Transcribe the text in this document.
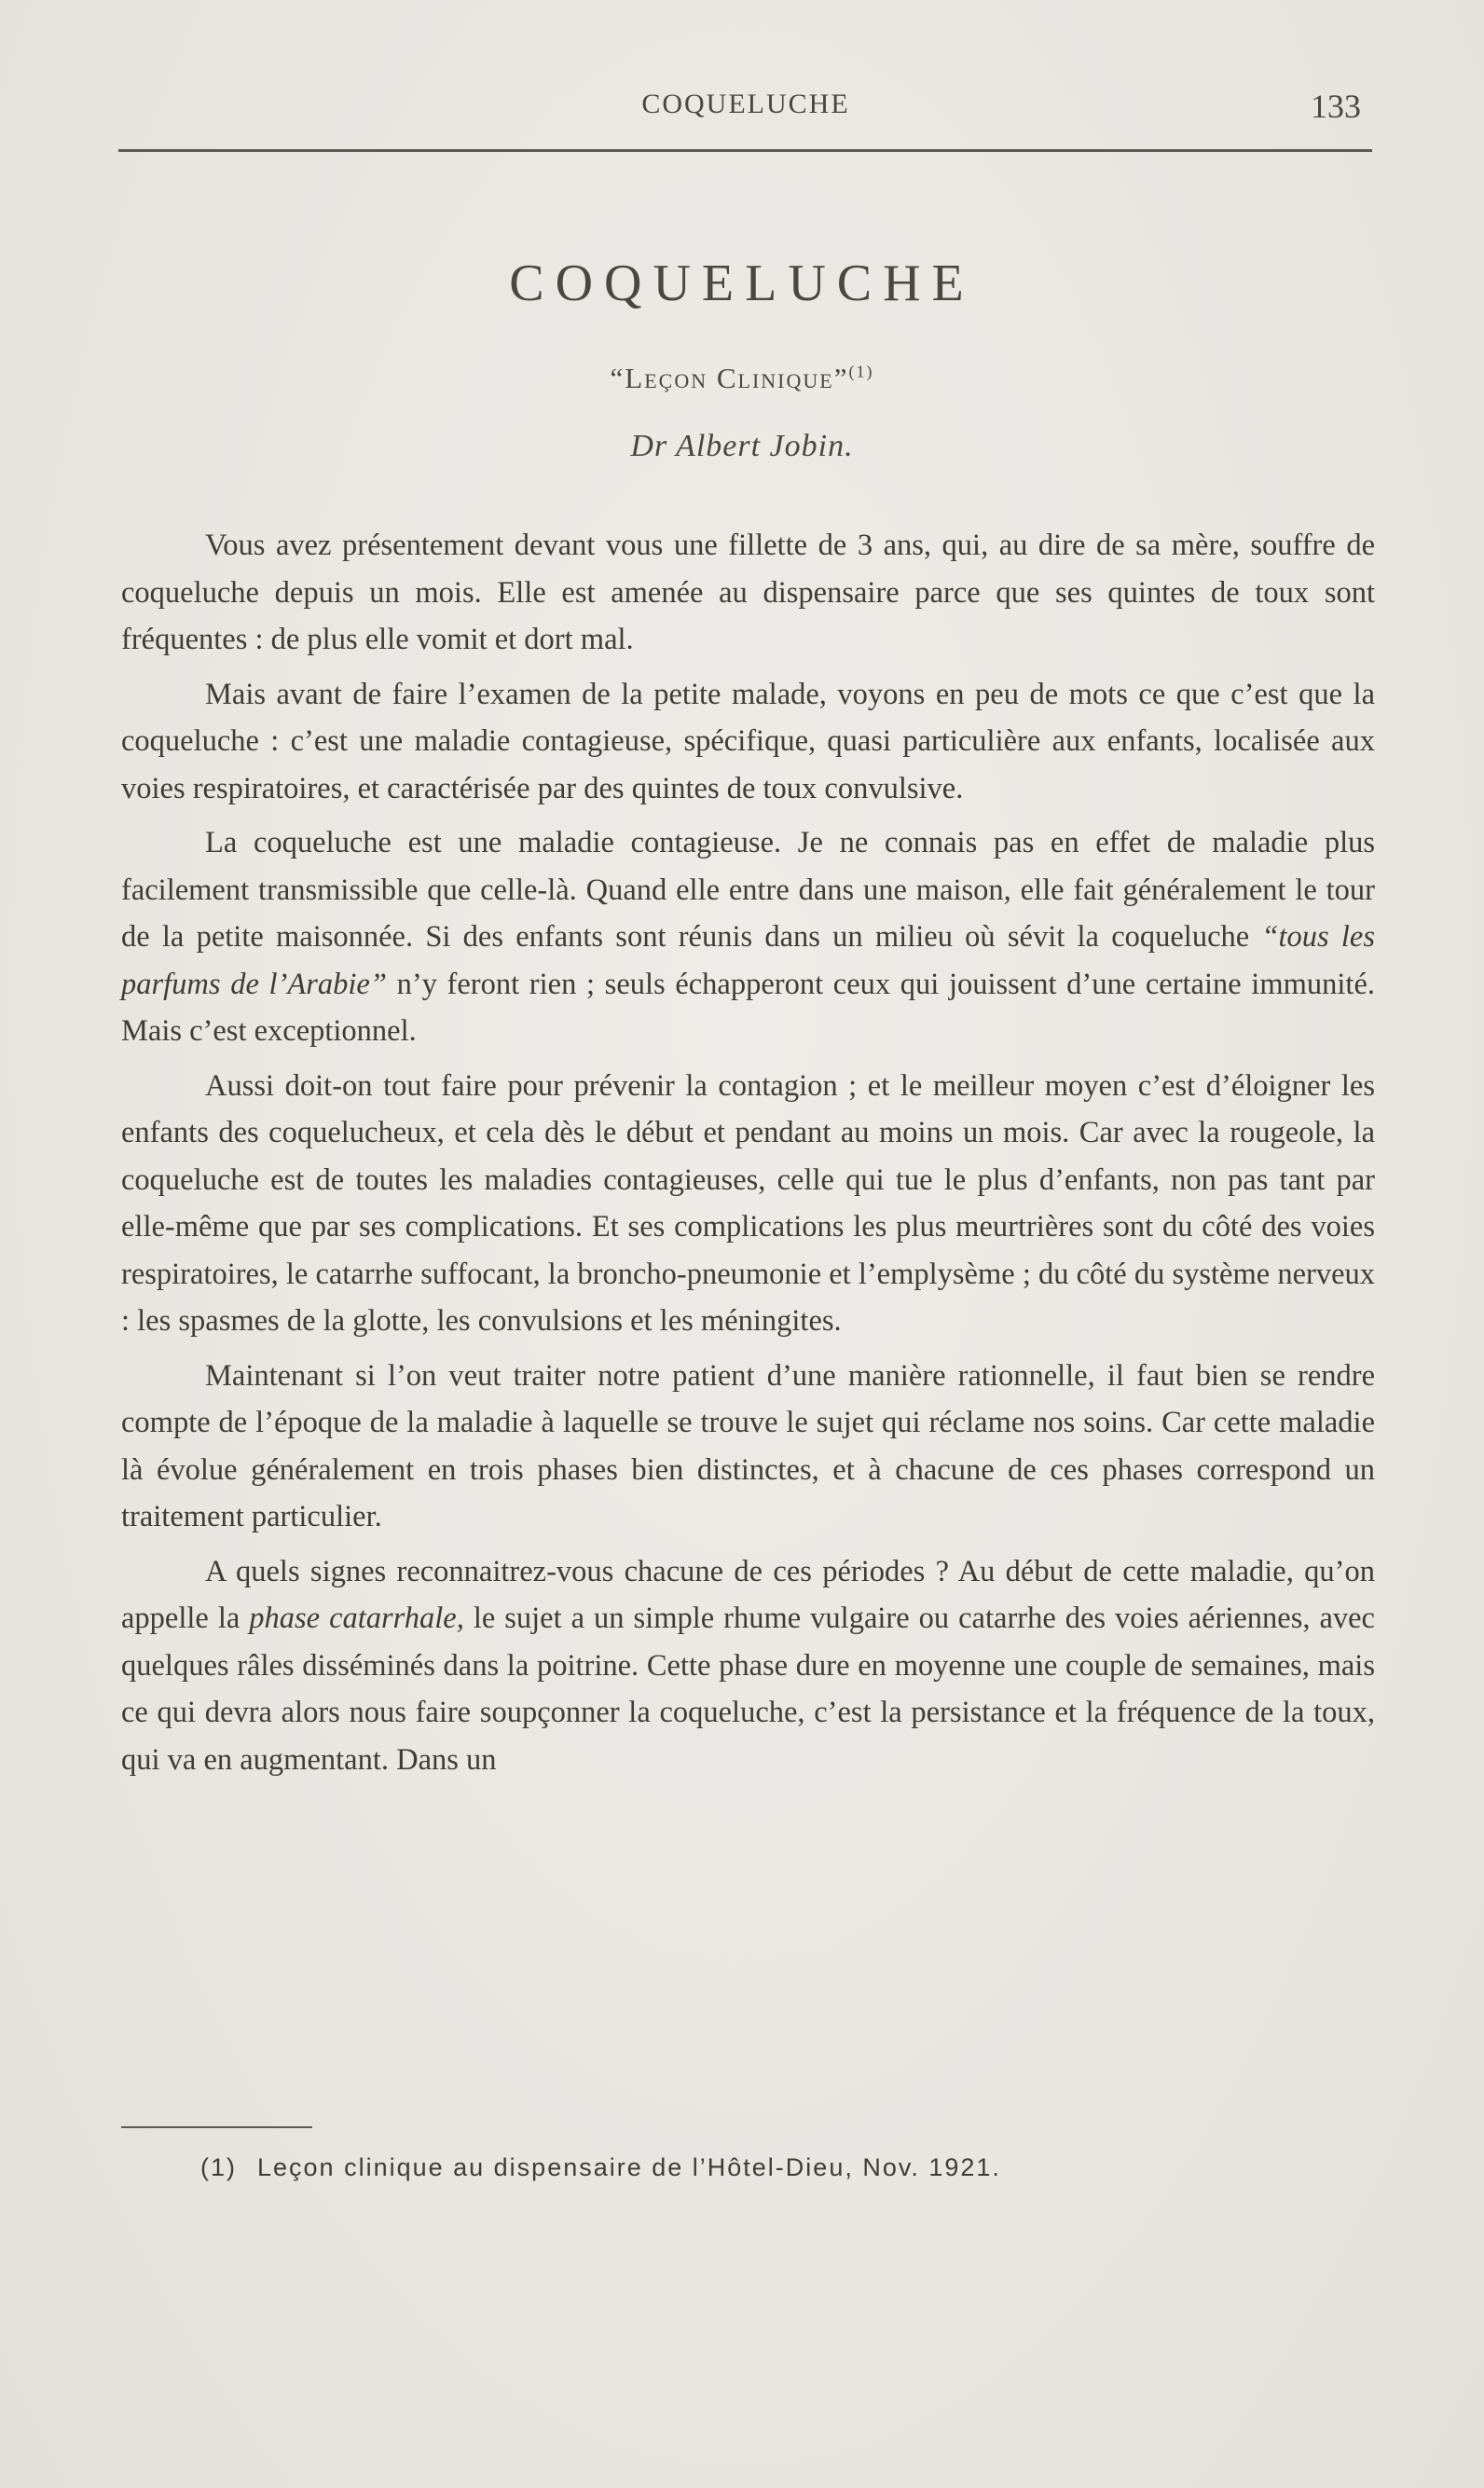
COQUELUCHE	133
COQUELUCHE
“Leçon Clinique”$^{(1)}$
Dr Albert Jobin.

Vous avez présentement devant vous une fillette de 3 ans, qui, au dire de sa mère, souffre de coqueluche depuis un mois. Elle est amenée au dispensaire parce que ses quintes de toux sont fréquentes : de plus elle vomit et dort mal.

Mais avant de faire l’examen de la petite malade, voyons en peu de mots ce que c’est que la coqueluche : c’est une maladie contagieuse, spécifique, quasi particulière aux enfants, localisée aux voies respiratoires, et caractérisée par des quintes de toux convulsive.

La coqueluche est une maladie contagieuse. Je ne connais pas en effet de maladie plus facilement transmissible que celle-là. Quand elle entre dans une maison, elle fait généralement le tour de la petite maisonnée. Si des enfants sont réunis dans un milieu où sévit la coqueluche “tous les parfums de l’Arabie” n’y feront rien ; seuls échapperont ceux qui jouissent d’une certaine immunité. Mais c’est exceptionnel.

Aussi doit-on tout faire pour prévenir la contagion ; et le meilleur moyen c’est d’éloigner les enfants des coquelucheux, et cela dès le début et pendant au moins un mois. Car avec la rougeole, la coqueluche est de toutes les maladies contagieuses, celle qui tue le plus d’enfants, non pas tant par elle-même que par ses complications. Et ses complications les plus meurtrières sont du côté des voies respiratoires, le catarrhe suffocant, la broncho-pneumonie et l’emplysème ; du côté du système nerveux : les spasmes de la glotte, les convulsions et les méningites.

Maintenant si l’on veut traiter notre patient d’une manière rationnelle, il faut bien se rendre compte de l’époque de la maladie à laquelle se trouve le sujet qui réclame nos soins. Car cette maladie là évolue généralement en trois phases bien distinctes, et à chacune de ces phases correspond un traitement particulier.

A quels signes reconnaitrez-vous chacune de ces périodes ? Au début de cette maladie, qu’on appelle la phase catarrhale, le sujet a un simple rhume vulgaire ou catarrhe des voies aériennes, avec quelques râles disséminés dans la poitrine. Cette phase dure en moyenne une couple de semaines, mais ce qui devra alors nous faire soupçonner la coqueluche, c’est la persistance et la fréquence de la toux, qui va en augmentant. Dans un

(1) Leçon clinique au dispensaire de l’Hôtel-Dieu, Nov. 1921.
